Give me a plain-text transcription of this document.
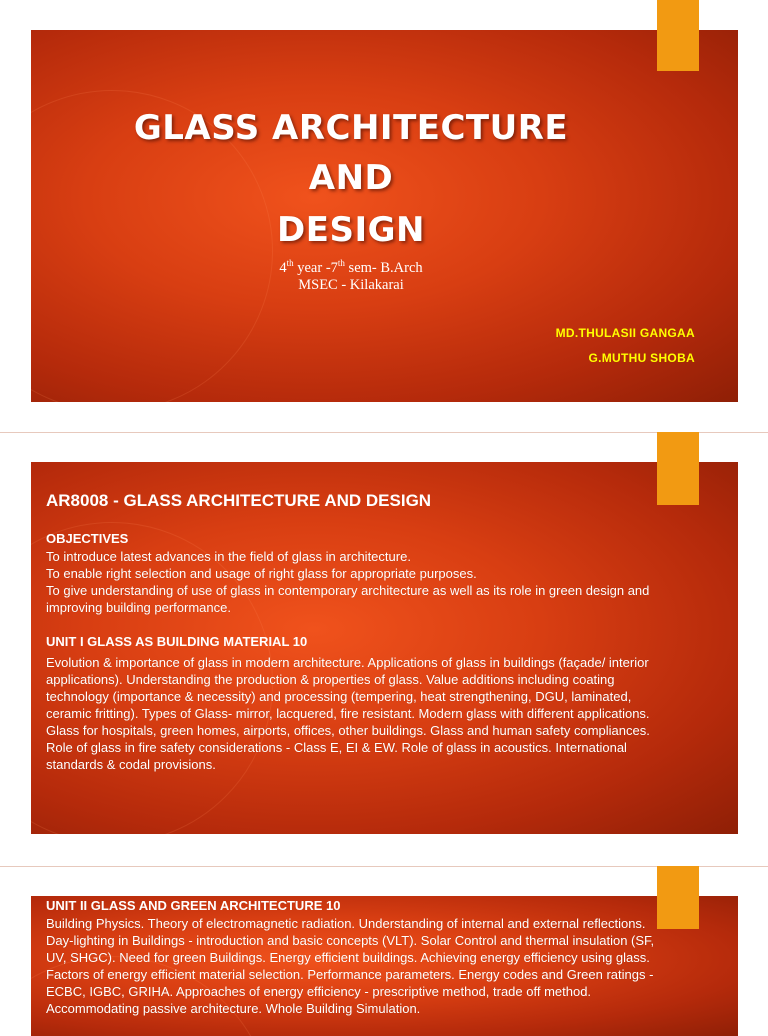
GLASS ARCHITECTURE
AND
DESIGN
4th year -7th sem- B.Arch
MSEC - Kilakarai
MD.THULASII GANGAA
G.MUTHU SHOBA
AR8008 - GLASS ARCHITECTURE AND DESIGN
OBJECTIVES
To introduce latest advances in the field of glass in architecture.
To enable right selection and usage of right glass for appropriate purposes.
To give understanding of use of glass in contemporary architecture as well as its role in green design and
improving building performance.
UNIT I GLASS AS BUILDING MATERIAL 10
Evolution & importance of glass in modern architecture. Applications of glass in buildings (façade/ interior
applications). Understanding the production & properties of glass. Value additions including coating
technology (importance & necessity) and processing (tempering, heat strengthening, DGU, laminated,
ceramic fritting). Types of Glass- mirror, lacquered, fire resistant. Modern glass with different applications.
Glass for hospitals, green homes, airports, offices, other buildings. Glass and human safety compliances.
Role of glass in fire safety considerations - Class E, EI & EW. Role of glass in acoustics. International
standards & codal provisions.
UNIT II GLASS AND GREEN ARCHITECTURE 10
Building Physics. Theory of electromagnetic radiation. Understanding of internal and external reflections.
Day-lighting in Buildings - introduction and basic concepts (VLT). Solar Control and thermal insulation (SF,
UV, SHGC). Need for green Buildings. Energy efficient buildings. Achieving energy efficiency using glass.
Factors of energy efficient material selection. Performance parameters. Energy codes and Green ratings -
ECBC, IGBC, GRIHA. Approaches of energy efficiency - prescriptive method, trade off method.
Accommodating passive architecture. Whole Building Simulation.
